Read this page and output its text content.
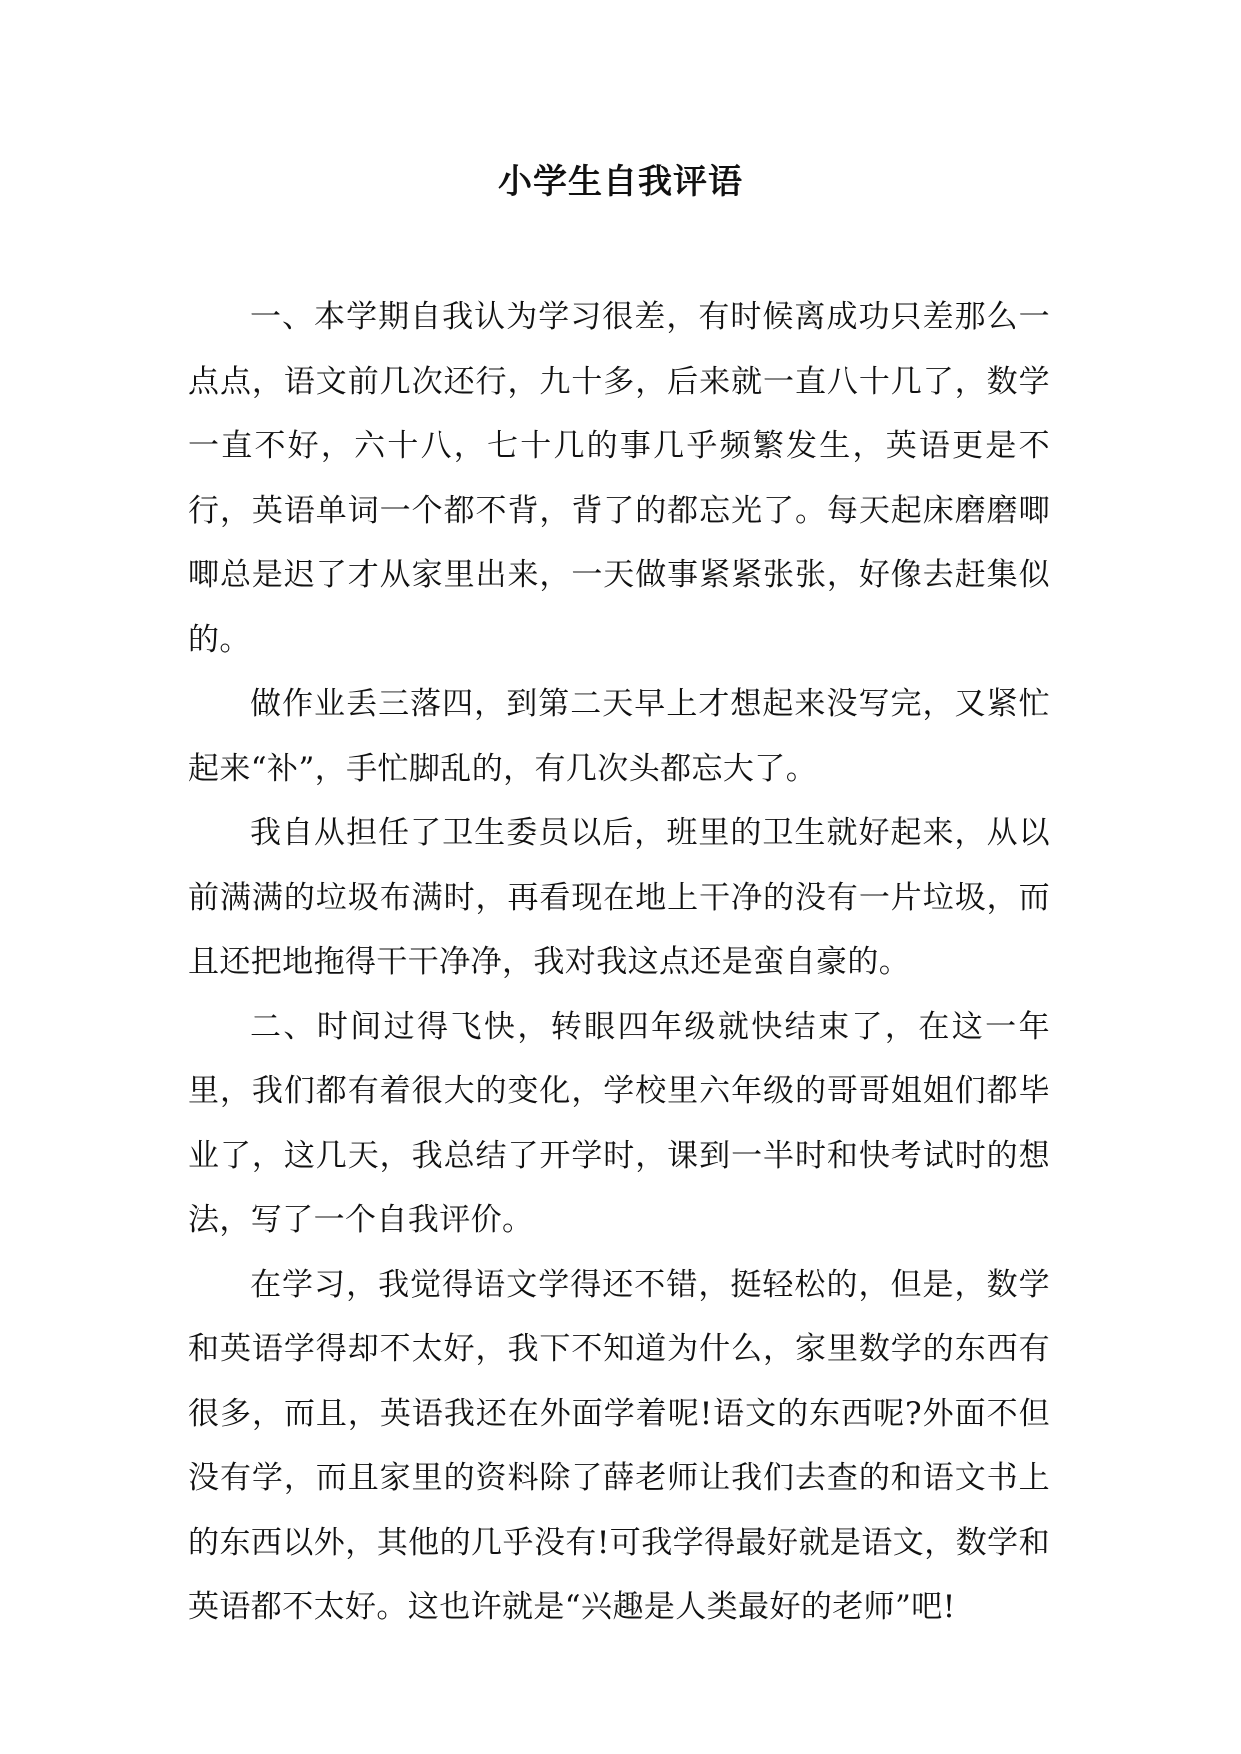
小学生自我评语

一、本学期自我认为学习很差，有时候离成功只差那么一点点，语文前几次还行，九十多，后来就一直八十几了，数学一直不好，六十八，七十几的事几乎频繁发生，英语更是不行，英语单词一个都不背，背了的都忘光了。每天起床磨磨唧唧总是迟了才从家里出来，一天做事紧紧张张，好像去赶集似的。

做作业丢三落四，到第二天早上才想起来没写完，又紧忙起来“补”，手忙脚乱的，有几次头都忘大了。

我自从担任了卫生委员以后，班里的卫生就好起来，从以前满满的垃圾布满时，再看现在地上干净的没有一片垃圾，而且还把地拖得干干净净，我对我这点还是蛮自豪的。

二、时间过得飞快，转眼四年级就快结束了，在这一年里，我们都有着很大的变化，学校里六年级的哥哥姐姐们都毕业了，这几天，我总结了开学时，课到一半时和快考试时的想法，写了一个自我评价。

在学习，我觉得语文学得还不错，挺轻松的，但是，数学和英语学得却不太好，我下不知道为什么，家里数学的东西有很多，而且，英语我还在外面学着呢!语文的东西呢?外面不但没有学，而且家里的资料除了薛老师让我们去查的和语文书上的东西以外，其他的几乎没有!可我学得最好就是语文，数学和英语都不太好。这也许就是“兴趣是人类最好的老师”吧!
